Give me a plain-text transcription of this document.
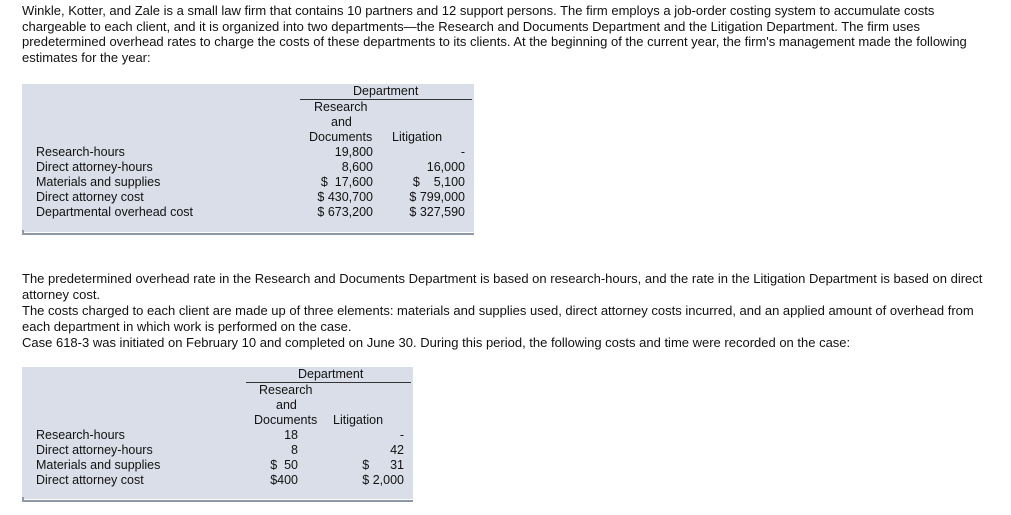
Winkle, Kotter, and Zale is a small law firm that contains 10 partners and 12 support persons. The firm employs a job-order costing system to accumulate costs chargeable to each client, and it is organized into two departments—the Research and Documents Department and the Litigation Department. The firm uses predetermined overhead rates to charge the costs of these departments to its clients. At the beginning of the current year, the firm's management made the following estimates for the year:

Department
Research
and
Documents Litigation
Research-hours	19,800	-
Direct attorney-hours	8,600	16,000
Materials and supplies	$  17,600	$    5,100
Direct attorney cost	$ 430,700	$ 799,000
Departmental overhead cost	$ 673,200	$ 327,590

The predetermined overhead rate in the Research and Documents Department is based on research-hours, and the rate in the Litigation Department is based on direct attorney cost.

The costs charged to each client are made up of three elements: materials and supplies used, direct attorney costs incurred, and an applied amount of overhead from each department in which work is performed on the case.

Case 618-3 was initiated on February 10 and completed on June 30. During this period, the following costs and time were recorded on the case:

Department
Research
and
Documents Litigation
Research-hours	18	-
Direct attorney-hours	8	42
Materials and supplies	$  50	$      31
Direct attorney cost	$400	$ 2,000
